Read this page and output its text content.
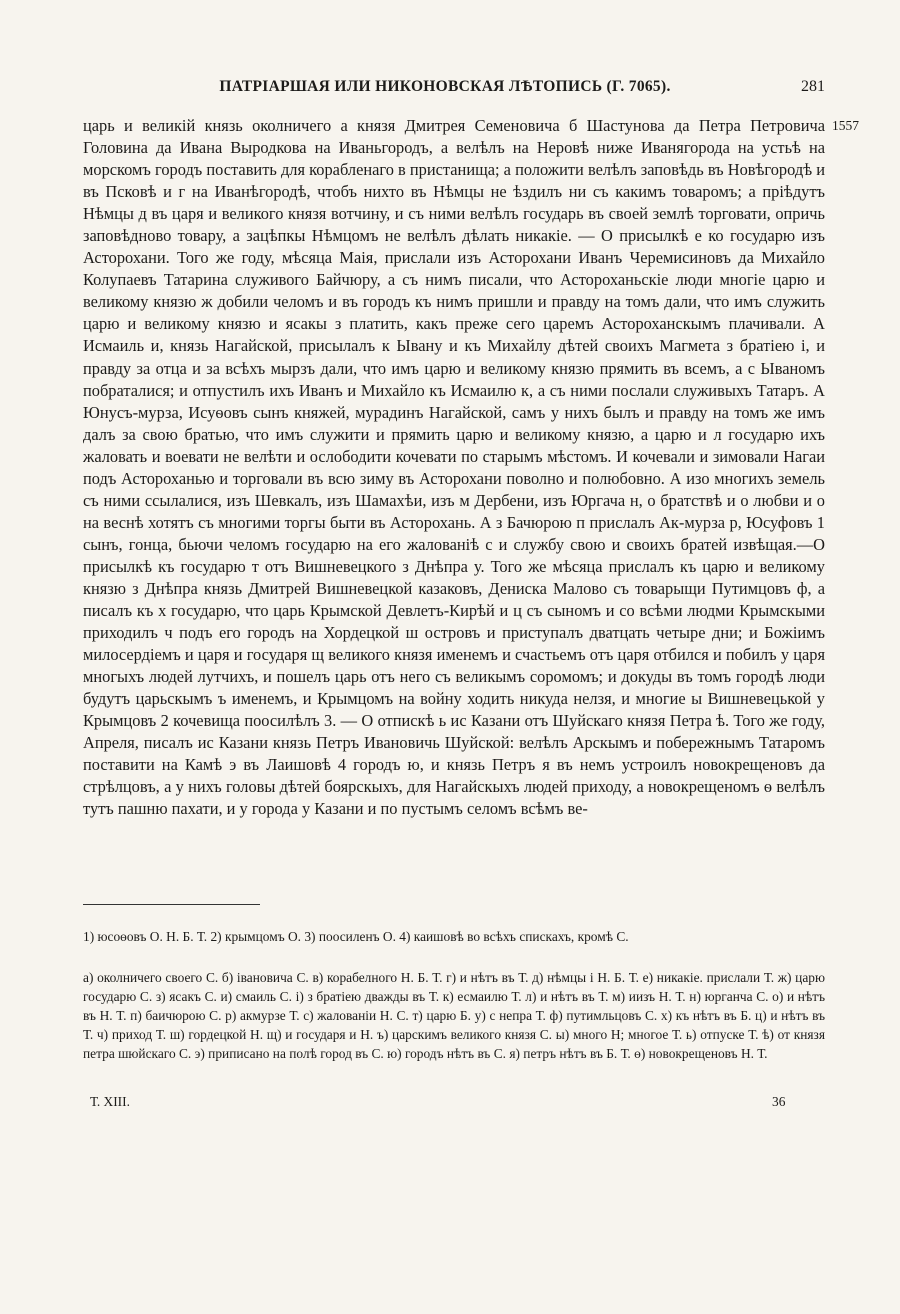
ПАТРІАРШАЯ ИЛИ НИКОНОВСКАЯ ЛѢТОПИСЬ (Г. 7065).	281
1557

царь и великій князь околничего а князя Дмитрея Семеновича б Шастунова да Петра Петровича Головина да Ивана Выродкова на Иваньгородъ, а велѣлъ на Неровѣ ниже Иванягорода на устьѣ на морскомъ городъ поставить для корабленаго в пристанища; а положити велѣлъ заповѣдь въ Новѣгородѣ и въ Псковѣ и г на Иванѣгородѣ, чтобъ нихто въ Нѣмцы не ѣздилъ ни съ какимъ товаромъ; а пріѣдутъ Нѣмцы д въ царя и великого князя вотчину, и съ ними велѣлъ государь въ своей землѣ торговати, опричь заповѣдново товару, а зацѣпкы Нѣмцомъ не велѣлъ дѣлать никакіе. — О присылкѣ е ко государю изъ Асторохани. Того же году, мѣсяца Маія, прислали изъ Асторохани Иванъ Черемисиновъ да Михайло Колупаевъ Татарина служивого Байчюру, а съ нимъ писали, что Астороханьскіе люди многіе царю и великому князю ж добили челомъ и въ городъ къ нимъ пришли и правду на томъ дали, что имъ служить царю и великому князю и ясакы з платить, какъ преже сего царемъ Астороханскымъ плачивали. А Исмаиль и, князь Нагайской, присылалъ к Ывану и къ Михайлу дѣтей своихъ Магмета з братіею і, и правду за отца и за всѣхъ мырзъ дали, что имъ царю и великому князю прямить въ всемъ, а с Ываномъ побраталися; и отпустилъ ихъ Иванъ и Михайло къ Исмаилю к, а съ ними послали служивыхъ Татаръ. А Юнусъ-мурза, Исуѳовъ сынъ княжей, мурадинъ Нагайской, самъ у нихъ былъ и правду на томъ же имъ далъ за свою братью, что имъ служити и прямить царю и великому князю, а царю и л государю ихъ жаловать и воевати не велѣти и ослободити кочевати по старымъ мѣстомъ. И кочевали и зимовали Нагаи подъ Астороханью и торговали въ всю зиму въ Асторохани поволно и полюбовно. А изо многихъ земель съ ними ссылалися, изъ Шевкалъ, изъ Шамахѣи, изъ м Дербени, изъ Юргача н, о братствѣ и о любви и о на веснѣ хотятъ съ многими торгы быти въ Асторохань. А з Бачюрою п прислалъ Ак-мурза р, Юсуфовъ 1 сынъ, гонца, бьючи челомъ государю на его жалованіѣ с и службу свою и своихъ братей извѣщая.—О присылкѣ къ государю т отъ Вишневецкого з Днѣпра у. Того же мѣсяца прислалъ къ царю и великому князю з Днѣпра князь Дмитрей Вишневецкой казаковъ, Дениска Малово съ товарыщи Путимцовъ ф, а писалъ къ х государю, что царь Крымской Девлетъ-Кирѣй и ц съ сыномъ и со всѣми людми Крымскыми приходилъ ч подъ его городъ на Хордецкой ш островъ и приступалъ дватцать четыре дни; и Божіимъ милосердіемъ и царя и государя щ великого князя именемъ и счастьемъ отъ царя отбился и побилъ у царя многыхъ людей лутчихъ, и пошелъ царь отъ него съ великымъ соромомъ; и докуды въ томъ городѣ люди будутъ царьскымъ ъ именемъ, и Крымцомъ на войну ходить никуда нелзя, и многие ы Вишневецькой у Крымцовъ 2 кочевища поосилѣлъ 3. — О отпискѣ ь ис Казани отъ Шуйскаго князя Петра ѣ. Того же году, Апреля, писалъ ис Казани князь Петръ Ивановичь Шуйской: велѣлъ Арскымъ и побережнымъ Татаромъ поставити на Камѣ э въ Лаишовѣ 4 городъ ю, и князь Петръ я въ немъ устроилъ новокрещеновъ да стрѣлцовъ, а у нихъ головы дѣтей боярскыхъ, для Нагайскыхъ людей приходу, а новокрещеномъ ѳ велѣлъ тутъ пашню пахати, и у города у Казани и по пустымъ селомъ всѣмъ ве-

1) юсоѳовъ О. Н. Б. Т. 2) крымцомъ О. 3) поосиленъ О. 4) каишовѣ во всѣхъ спискахъ, кромѣ С.

а) околничего своего С. б) івановича С. в) корабелного Н. Б. Т. г) и нѣтъ въ Т. д) нѣмцы і Н. Б. Т. е) никакіе. прислали Т. ж) царю государю С. з) ясакъ С. и) смаиль С. і) з братіею дважды въ Т. к) есмаилю Т. л) и нѣтъ въ Т. м) иизъ Н. Т. н) юрганча С. о) и нѣтъ въ Н. Т. п) баичюрою С. р) акмурзе Т. с) жалованіи Н. С. т) царю Б. у) с непра Т. ф) путимльцовъ С. х) къ нѣтъ въ Б. ц) и нѣтъ въ Т. ч) приход Т. ш) гордецкой Н. щ) и государя и Н. ъ) царскимъ великого князя С. ы) много Н; многое Т. ь) отпуске Т. ѣ) от князя петра шюйскаго С. э) приписано на полѣ город въ С. ю) городъ нѣтъ въ С. я) петръ нѣтъ въ Б. Т. ѳ) новокрещеновъ Н. Т.

Т. XIII.	36
